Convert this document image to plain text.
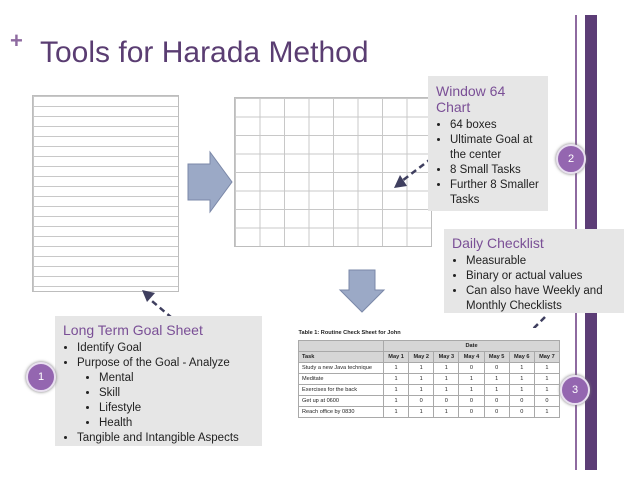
+ Tools for Harada Method
Window 64 Chart
• 64 boxes
• Ultimate Goal at the center
• 8 Small Tasks
• Further 8 Smaller Tasks
2
Daily Checklist
• Measurable
• Binary or actual values
• Can also have Weekly and Monthly Checklists
3
Long Term Goal Sheet
• Identify Goal
• Purpose of the Goal - Analyze
• Mental
• Skill
• Lifestyle
• Health
• Tangible and Intangible Aspects
1
Table 1: Routine Check Sheet for John							
	Date						
Task	May 1	May 2	May 3	May 4	May 5	May 6	May 7
Study a new Java technique	1	1	1	0	0	1	1
Meditate	1	1	1	1	1	1	1
Exercises for the back	1	1	1	1	1	1	1
Get up at 0600	1	0	0	0	0	0	0
Reach office by 0830	1	1	1	0	0	0	1
